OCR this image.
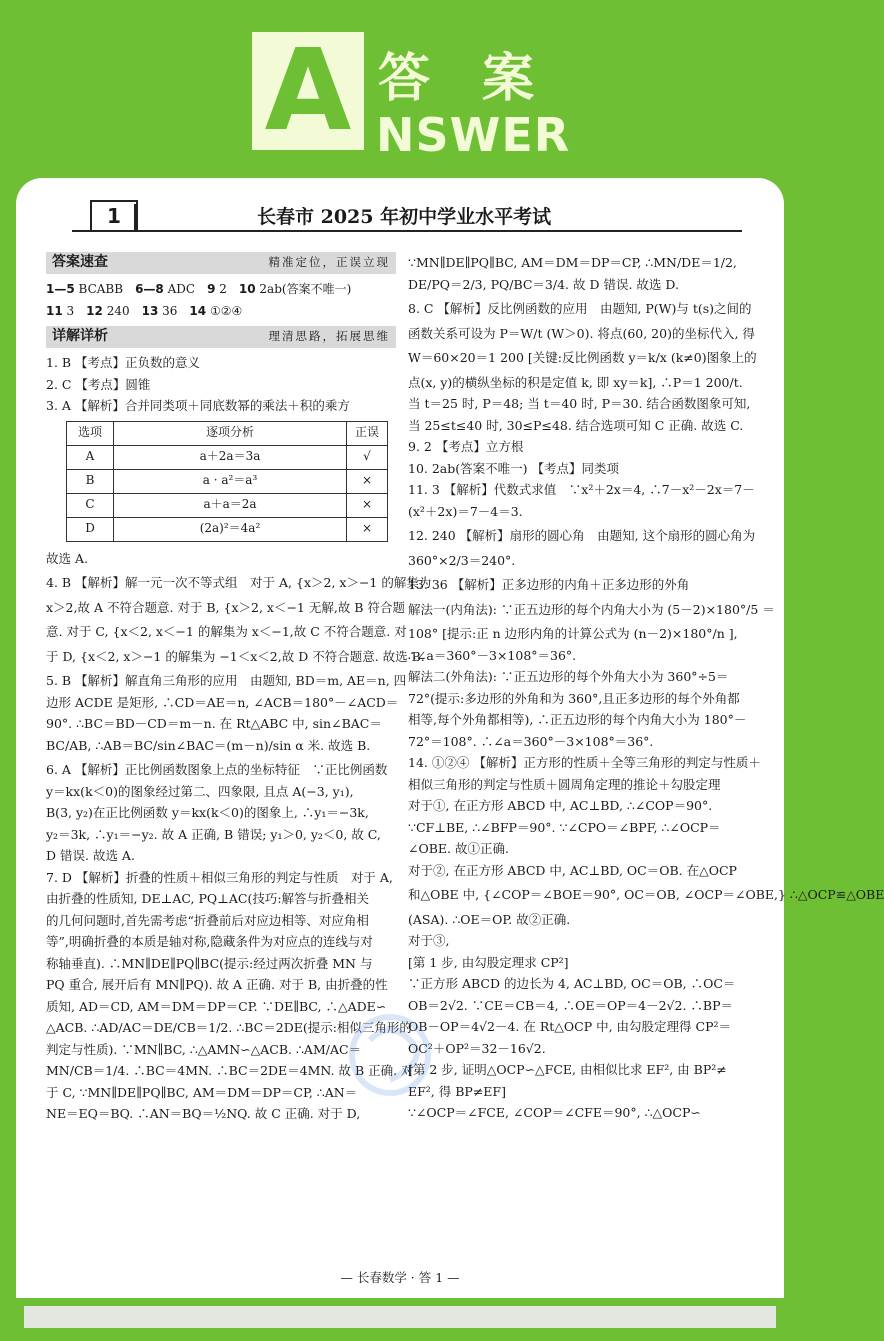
A 答案
NSWER
1	长春市 2025 年初中学业水平考试
答案速查	精准定位，正误立现
1—5 BCABB 6—8 ADC 9 2 10 2ab(答案不唯一)
11 3 12 240 13 36 14 ①②④
详解详析	理清思路，拓展思维
1. B 【考点】正负数的意义
2. C 【考点】圆锥
3. A 【解析】合并同类项＋同底数幂的乘法＋积的乘方
选项	逐项分析	正误
A	a＋2a＝3a	√
B	a · a²＝a³	×
C	a＋a＝2a	×
D	(2a)²＝4a²	×
故选 A.
4. B 【解析】解一元一次不等式组　对于 A, {x＞2, x＞−1 的解集为
x＞2,故 A 不符合题意. 对于 B, {x＞2, x＜−1 无解,故 B 符合题
意. 对于 C, {x＜2, x＜−1 的解集为 x＜−1,故 C 不符合题意. 对
于 D, {x＜2, x＞−1 的解集为 −1＜x＜2,故 D 不符合题意. 故选 B.
5. B 【解析】解直角三角形的应用　由题知, BD＝m, AE＝n, 四
边形 ACDE 是矩形, ∴CD＝AE＝n, ∠ACB＝180°－∠ACD＝
90°. ∴BC＝BD－CD＝m－n. 在 Rt△ABC 中, sin∠BAC＝
BC/AB, ∴AB＝BC/sin∠BAC＝(m－n)/sin α 米. 故选 B.
6. A 【解析】正比例函数图象上点的坐标特征　∵正比例函数
y＝kx(k＜0)的图象经过第二、四象限, 且点 A(−3, y₁),
B(3, y₂)在正比例函数 y＝kx(k＜0)的图象上, ∴y₁＝−3k,
y₂＝3k, ∴y₁＝−y₂. 故 A 正确, B 错误; y₁＞0, y₂＜0, 故 C,
D 错误. 故选 A.
7. D 【解析】折叠的性质＋相似三角形的判定与性质　对于 A,
由折叠的性质知, DE⊥AC, PQ⊥AC(技巧:解答与折叠相关
的几何问题时,首先需考虑“折叠前后对应边相等、对应角相
等”,明确折叠的本质是轴对称,隐藏条件为对应点的连线与对
称轴垂直). ∴MN∥DE∥PQ∥BC(提示:经过两次折叠 MN 与
PQ 重合, 展开后有 MN∥PQ). 故 A 正确. 对于 B, 由折叠的性
质知, AD＝CD, AM＝DM＝DP＝CP. ∵DE∥BC, ∴△ADE∽
△ACB. ∴AD/AC＝DE/CB＝1/2. ∴BC＝2DE(提示:相似三角形的
判定与性质). ∵MN∥BC, ∴△AMN∽△ACB. ∴AM/AC＝
MN/CB＝1/4. ∴BC＝4MN. ∴BC＝2DE＝4MN. 故 B 正确. 对
于 C, ∵MN∥DE∥PQ∥BC, AM＝DM＝DP＝CP, ∴AN＝
NE＝EQ＝BQ. ∴AN＝BQ＝½NQ. 故 C 正确. 对于 D,
∵MN∥DE∥PQ∥BC, AM＝DM＝DP＝CP, ∴MN/DE＝1/2,
DE/PQ＝2/3, PQ/BC＝3/4. 故 D 错误. 故选 D.
8. C 【解析】反比例函数的应用　由题知, P(W)与 t(s)之间的
函数关系可设为 P＝W/t (W＞0). 将点(60, 20)的坐标代入, 得
W＝60×20＝1 200 [关键:反比例函数 y＝k/x (k≠0)图象上的
点(x, y)的横纵坐标的积是定值 k, 即 xy＝k], ∴P＝1 200/t.
当 t＝25 时, P＝48; 当 t＝40 时, P＝30. 结合函数图象可知,
当 25≤t≤40 时, 30≤P≤48. 结合选项可知 C 正确. 故选 C.
9. 2 【考点】立方根
10. 2ab(答案不唯一) 【考点】同类项
11. 3 【解析】代数式求值　∵x²＋2x＝4, ∴7－x²－2x＝7－
(x²＋2x)＝7－4＝3.
12. 240 【解析】扇形的圆心角　由题知, 这个扇形的圆心角为
360°×2/3＝240°.
13. 36 【解析】正多边形的内角＋正多边形的外角
解法一(内角法): ∵正五边形的每个内角大小为 (5－2)×180°/5 ＝
108° [提示:正 n 边形内角的计算公式为 (n－2)×180°/n ],
∴∠a＝360°－3×108°＝36°.
解法二(外角法): ∵正五边形的每个外角大小为 360°÷5＝
72°(提示:多边形的外角和为 360°,且正多边形的每个外角都
相等,每个外角都相等), ∴正五边形的每个内角大小为 180°－
72°＝108°. ∴∠a＝360°－3×108°＝36°.
14. ①②④ 【解析】正方形的性质＋全等三角形的判定与性质＋
相似三角形的判定与性质＋圆周角定理的推论＋勾股定理
对于①, 在正方形 ABCD 中, AC⊥BD, ∴∠COP＝90°.
∵CF⊥BE, ∴∠BFP＝90°. ∵∠CPO＝∠BPF, ∴∠OCP＝
∠OBE. 故①正确.
对于②, 在正方形 ABCD 中, AC⊥BD, OC＝OB. 在△OCP
和△OBE 中, {∠COP＝∠BOE＝90°, OC＝OB, ∠OCP＝∠OBE,} ∴△OCP≌△OBE
(ASA). ∴OE＝OP. 故②正确.
对于③,
[第 1 步, 由勾股定理求 CP²]
∵正方形 ABCD 的边长为 4, AC⊥BD, OC＝OB, ∴OC＝
OB＝2√2. ∵CE＝CB＝4, ∴OE＝OP＝4－2√2. ∴BP＝
OB－OP＝4√2－4. 在 Rt△OCP 中, 由勾股定理得 CP²＝
OC²＋OP²＝32－16√2.
[第 2 步, 证明△OCP∽△FCE, 由相似比求 EF², 由 BP²≠
EF², 得 BP≠EF]
∵∠OCP＝∠FCE, ∠COP＝∠CFE＝90°, ∴△OCP∽
— 长春数学 · 答 1 —
